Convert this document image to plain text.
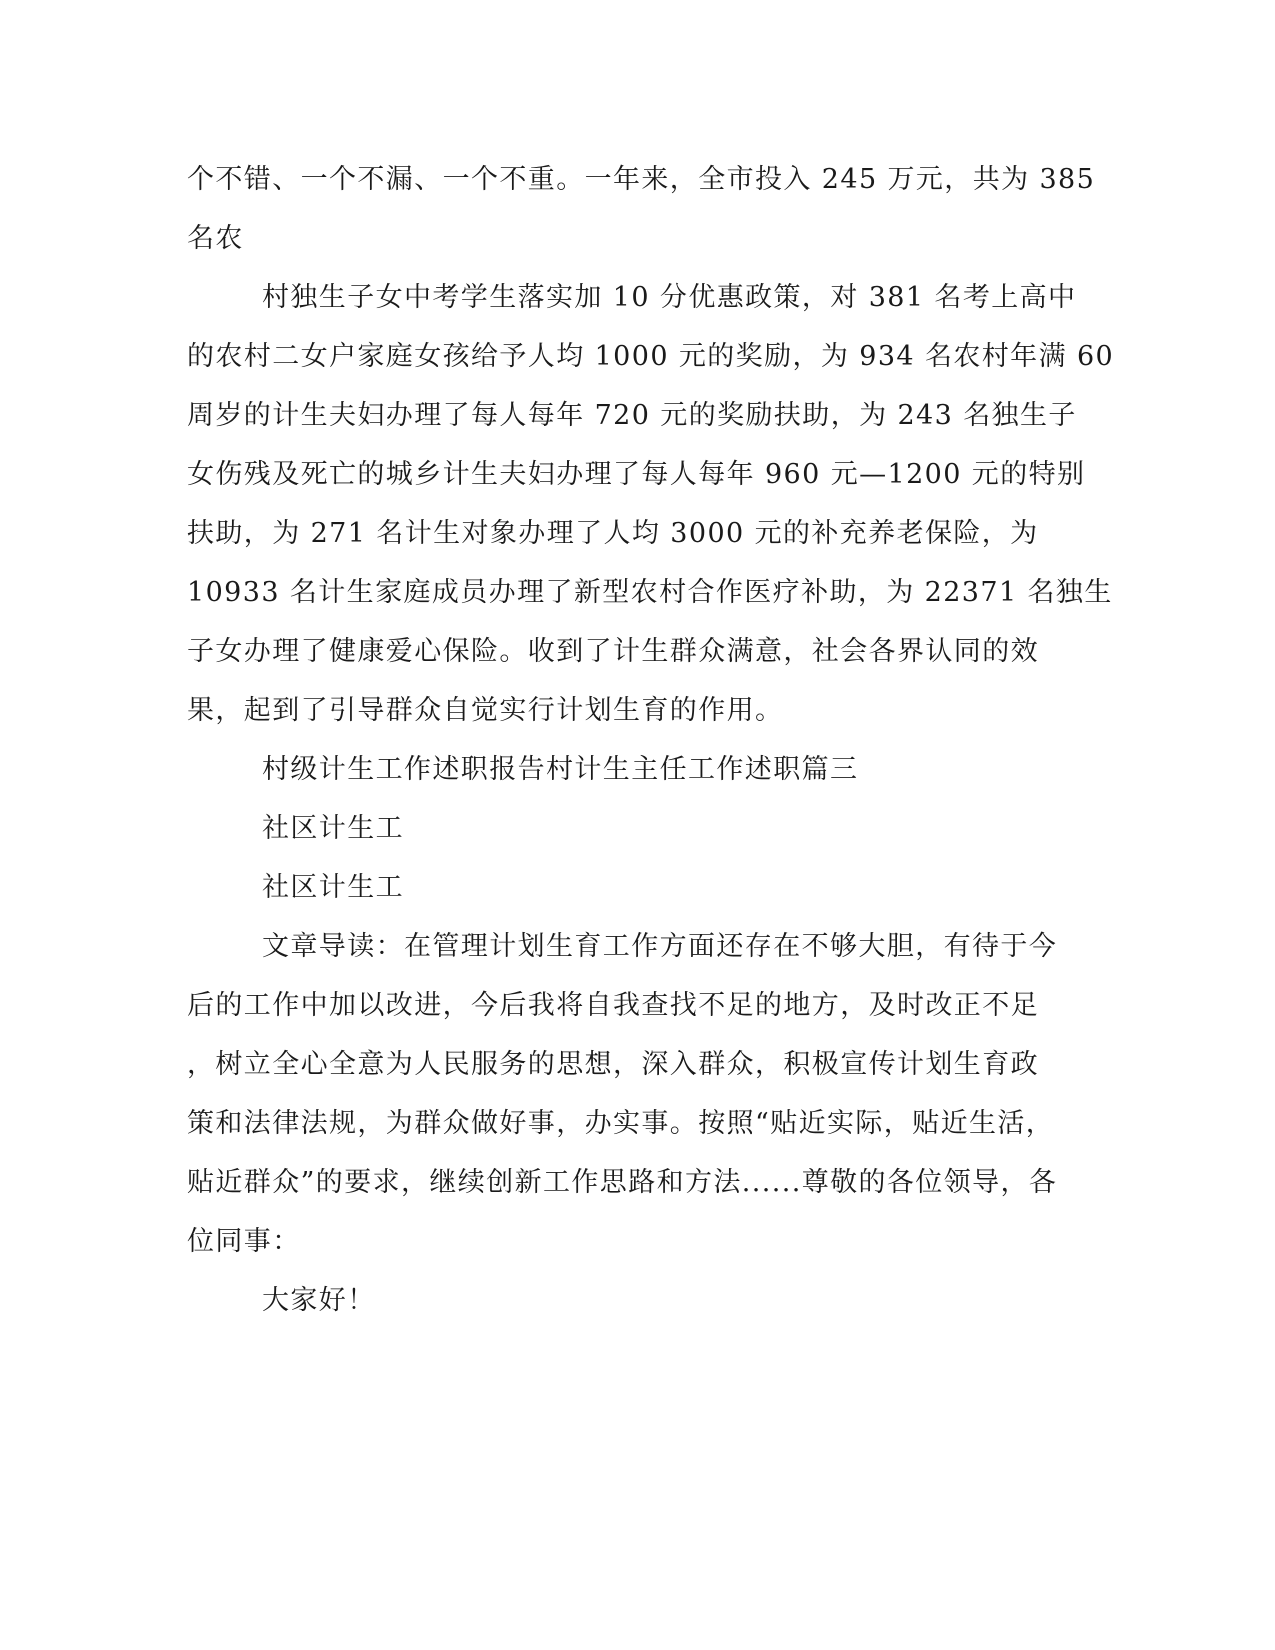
个不错、一个不漏、一个不重。一年来，全市投入 245 万元，共为 385
名农
村独生子女中考学生落实加 10 分优惠政策，对 381 名考上高中
的农村二女户家庭女孩给予人均 1000 元的奖励，为 934 名农村年满 60
周岁的计生夫妇办理了每人每年 720 元的奖励扶助，为 243 名独生子
女伤残及死亡的城乡计生夫妇办理了每人每年 960 元—1200 元的特别
扶助，为 271 名计生对象办理了人均 3000 元的补充养老保险，为
10933 名计生家庭成员办理了新型农村合作医疗补助，为 22371 名独生
子女办理了健康爱心保险。收到了计生群众满意，社会各界认同的效
果，起到了引导群众自觉实行计划生育的作用。
村级计生工作述职报告村计生主任工作述职篇三
社区计生工
社区计生工
文章导读：在管理计划生育工作方面还存在不够大胆，有待于今
后的工作中加以改进，今后我将自我查找不足的地方，及时改正不足
，树立全心全意为人民服务的思想，深入群众，积极宣传计划生育政
策和法律法规，为群众做好事，办实事。按照“贴近实际，贴近生活，
贴近群众”的要求，继续创新工作思路和方法......尊敬的各位领导，各
位同事：
大家好！
